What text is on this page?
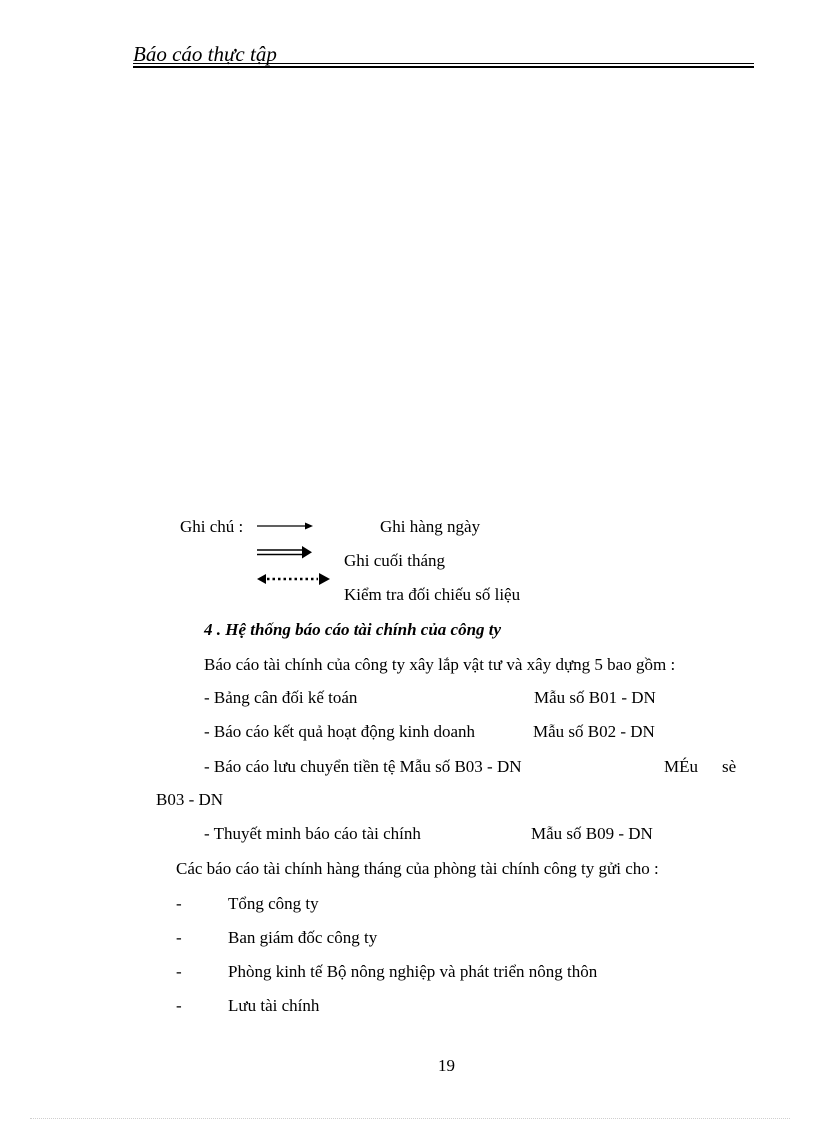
Báo cáo thực tập
Ghi chú :	Ghi hàng ngày
Ghi cuối tháng
Kiểm tra đối chiếu số liệu
4 . Hệ thống báo cáo tài chính của công ty
Báo cáo tài chính của công ty xây lắp vật tư và xây dựng 5 bao gồm :
- Bảng cân đối kế toán	Mẫu số B01 - DN
- Báo cáo kết quả hoạt động kinh doanh	Mẫu số B02 - DN
- Báo cáo lưu chuyển tiền tệ Mẫu số B03 - DN	MÉu sè
B03 - DN
- Thuyết minh báo cáo tài chính	Mẫu số B09 - DN
Các báo cáo tài chính hàng tháng của phòng tài chính công ty gửi cho :
-	Tổng công ty
-	Ban giám đốc công ty
-	Phòng kinh tế Bộ nông nghiệp và phát triển nông thôn
-	Lưu tài chính
19
